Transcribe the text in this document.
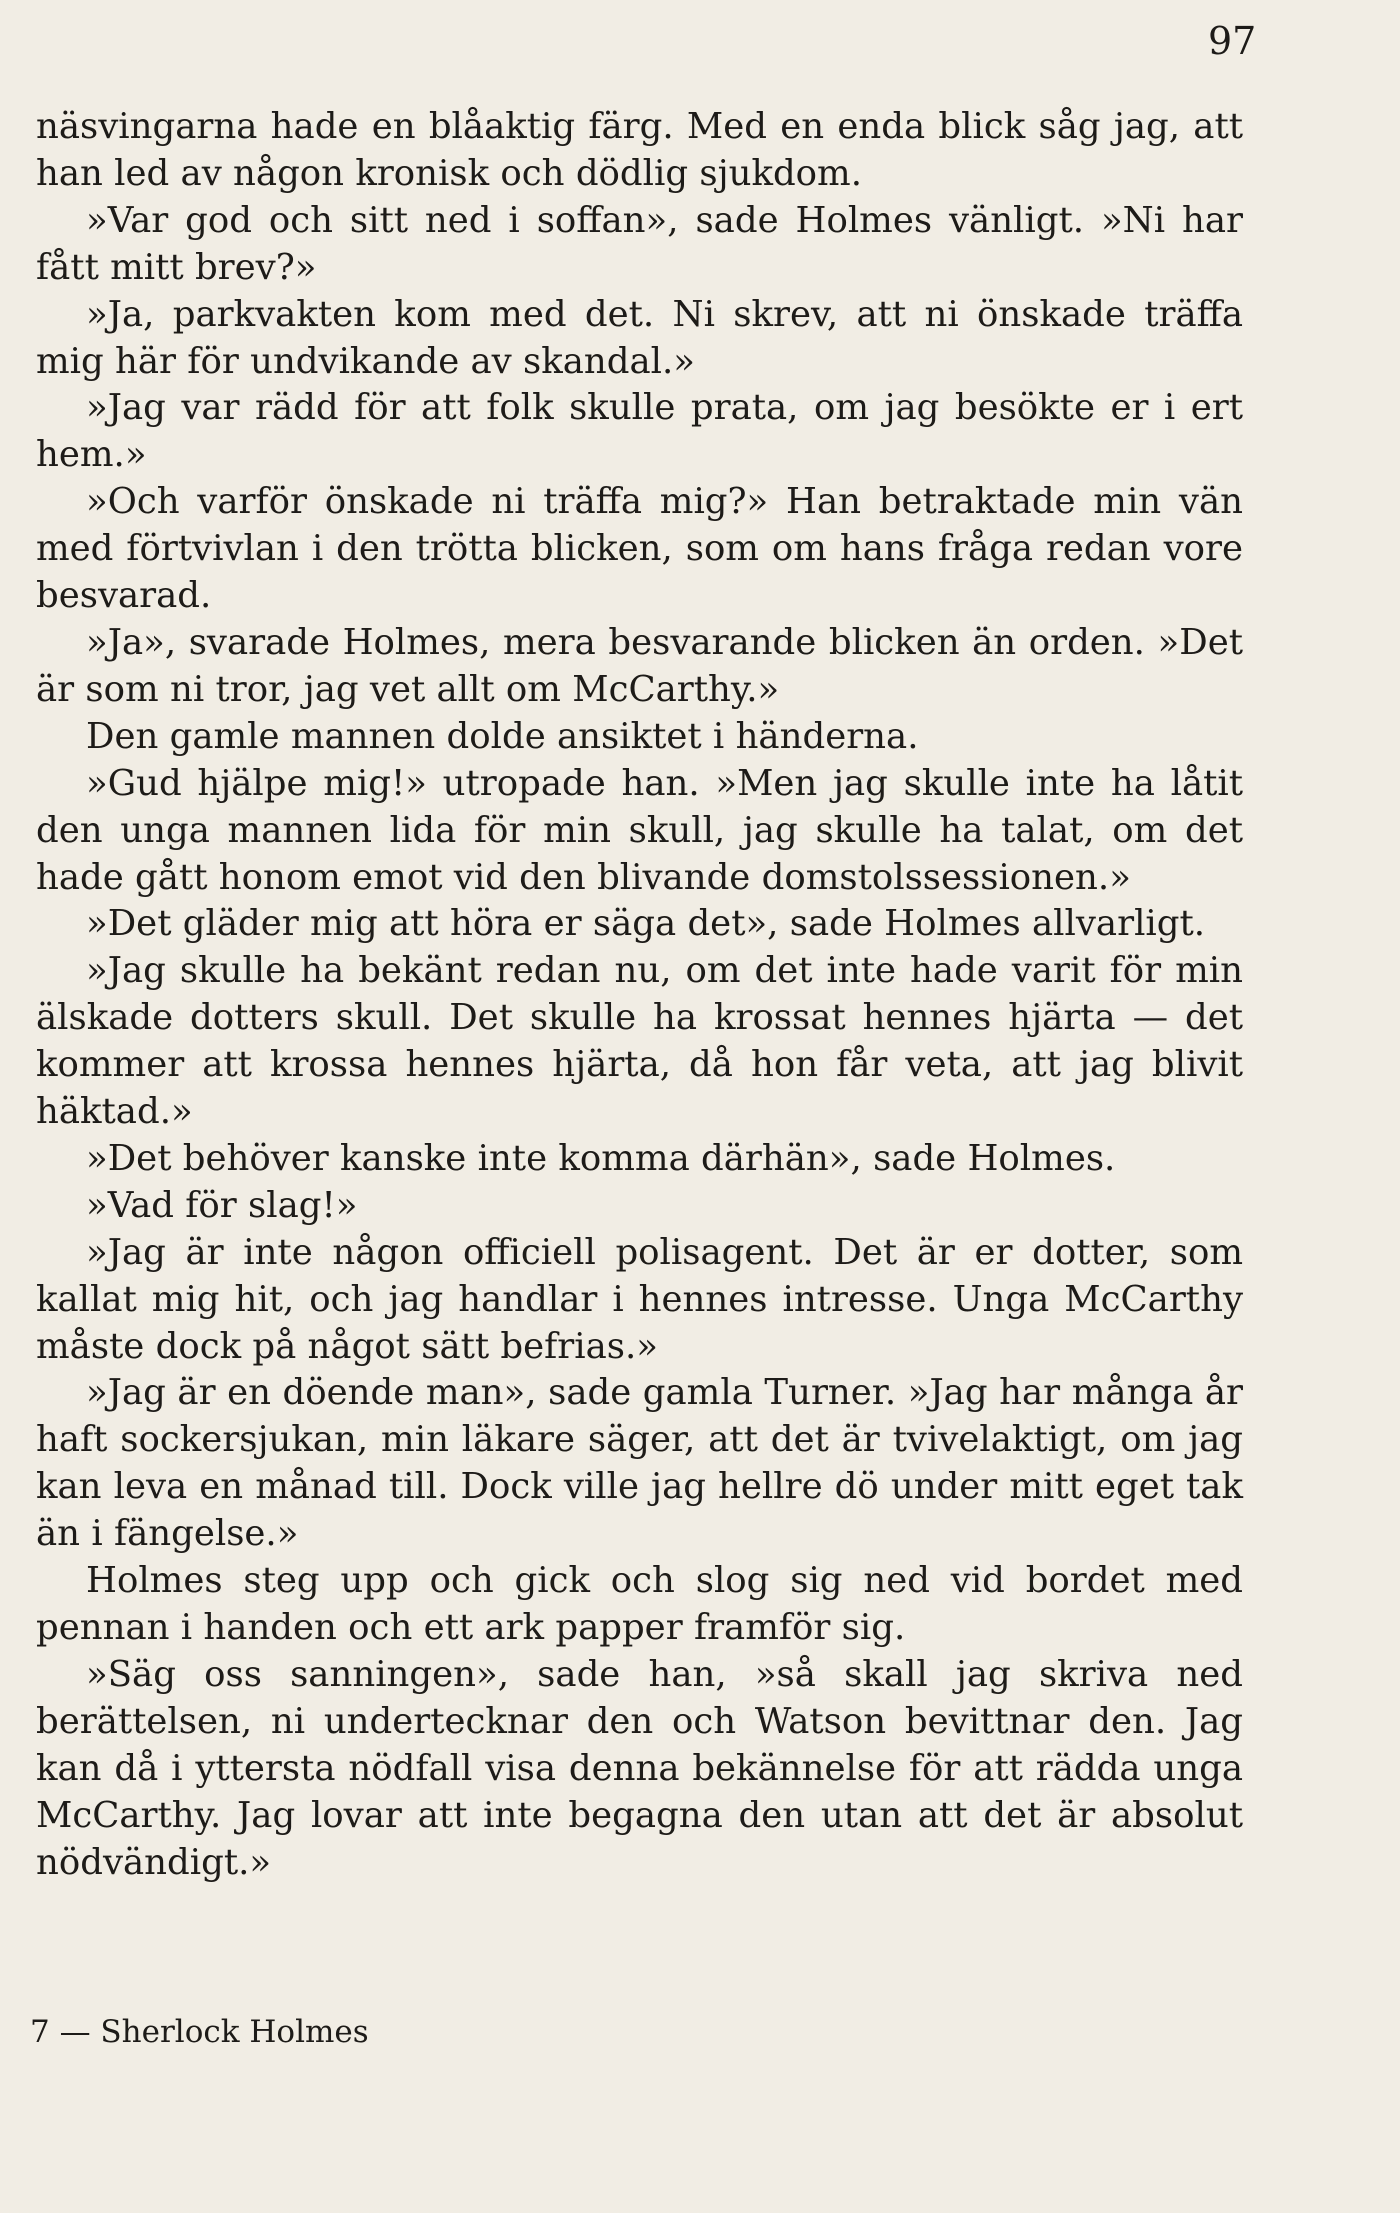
97

näsvingarna hade en blåaktig färg. Med en enda blick såg jag, att han led av någon kronisk och dödlig sjukdom.

»Var god och sitt ned i soffan», sade Holmes vänligt. »Ni har fått mitt brev?»

»Ja, parkvakten kom med det. Ni skrev, att ni önskade träffa mig här för undvikande av skandal.»

»Jag var rädd för att folk skulle prata, om jag besökte er i ert hem.»

»Och varför önskade ni träffa mig?» Han betraktade min vän med förtvivlan i den trötta blicken, som om hans fråga redan vore besvarad.

»Ja», svarade Holmes, mera besvarande blicken än orden. »Det är som ni tror, jag vet allt om McCarthy.»

Den gamle mannen dolde ansiktet i händerna.

»Gud hjälpe mig!» utropade han. »Men jag skulle inte ha låtit den unga mannen lida för min skull, jag skulle ha talat, om det hade gått honom emot vid den blivande domstolssessionen.»

»Det gläder mig att höra er säga det», sade Holmes allvarligt.

»Jag skulle ha bekänt redan nu, om det inte hade varit för min älskade dotters skull. Det skulle ha krossat hennes hjärta — det kommer att krossa hennes hjärta, då hon får veta, att jag blivit häktad.»

»Det behöver kanske inte komma därhän», sade Holmes.

»Vad för slag!»

»Jag är inte någon officiell polisagent. Det är er dotter, som kallat mig hit, och jag handlar i hennes intresse. Unga McCarthy måste dock på något sätt befrias.»

»Jag är en döende man», sade gamla Turner. »Jag har många år haft sockersjukan, min läkare säger, att det är tvivelaktigt, om jag kan leva en månad till. Dock ville jag hellre dö under mitt eget tak än i fängelse.»

Holmes steg upp och gick och slog sig ned vid bordet med pennan i handen och ett ark papper framför sig.

»Säg oss sanningen», sade han, »så skall jag skriva ned berättelsen, ni undertecknar den och Watson bevittnar den. Jag kan då i yttersta nödfall visa denna bekännelse för att rädda unga McCarthy. Jag lovar att inte begagna den utan att det är absolut nödvändigt.»

7 — Sherlock Holmes
